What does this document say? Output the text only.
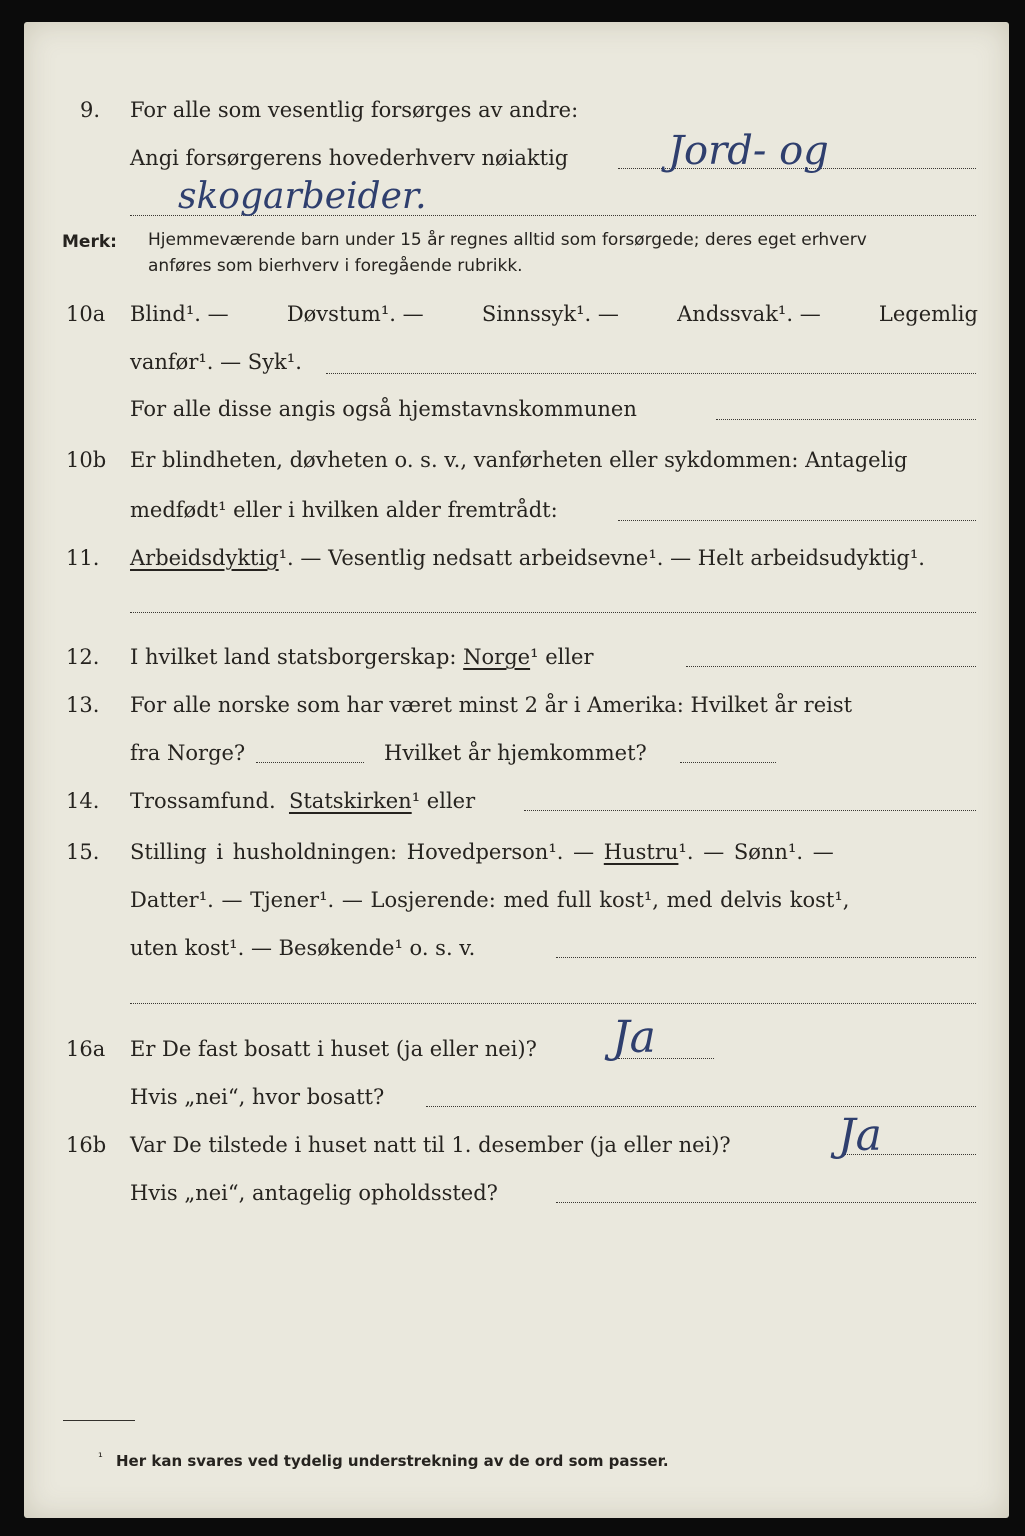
9. For alle som vesentlig forsørges av andre:
Angi forsørgerens hovederhverv nøiaktig Jord- og
skogarbeider.
Merk: Hjemmeværende barn under 15 år regnes alltid som forsørgede; deres eget erhverv
anføres som bierhverv i foregående rubrikk.
10a Blind¹. —	Døvstum¹. —	Sinnssyk¹. —	Andssvak¹. —	Legemlig
vanfør¹. — Syk¹.
For alle disse angis også hjemstavnskommunen
10b Er blindheten, døvheten o. s. v., vanførheten eller sykdommen: Antagelig
medfødt¹ eller i hvilken alder fremtrådt:
11. Arbeidsdyktig¹. — Vesentlig nedsatt arbeidsevne¹. — Helt arbeidsudyktig¹.
12. I hvilket land statsborgerskap: Norge¹ eller
13. For alle norske som har været minst 2 år i Amerika: Hvilket år reist
fra Norge?	Hvilket år hjemkommet?
14. Trossamfund. Statskirken¹ eller
15. Stilling i husholdningen: Hovedperson¹. — Hustru¹. — Sønn¹. —
Datter¹. — Tjener¹. — Losjerende: med full kost¹, med delvis kost¹,
uten kost¹. — Besøkende¹ o. s. v.
16a Er De fast bosatt i huset (ja eller nei)? Ja
Hvis „nei“, hvor bosatt?
16b Var De tilstede i huset natt til 1. desember (ja eller nei)? Ja
Hvis „nei“, antagelig opholdssted?
¹ Her kan svares ved tydelig understrekning av de ord som passer.
